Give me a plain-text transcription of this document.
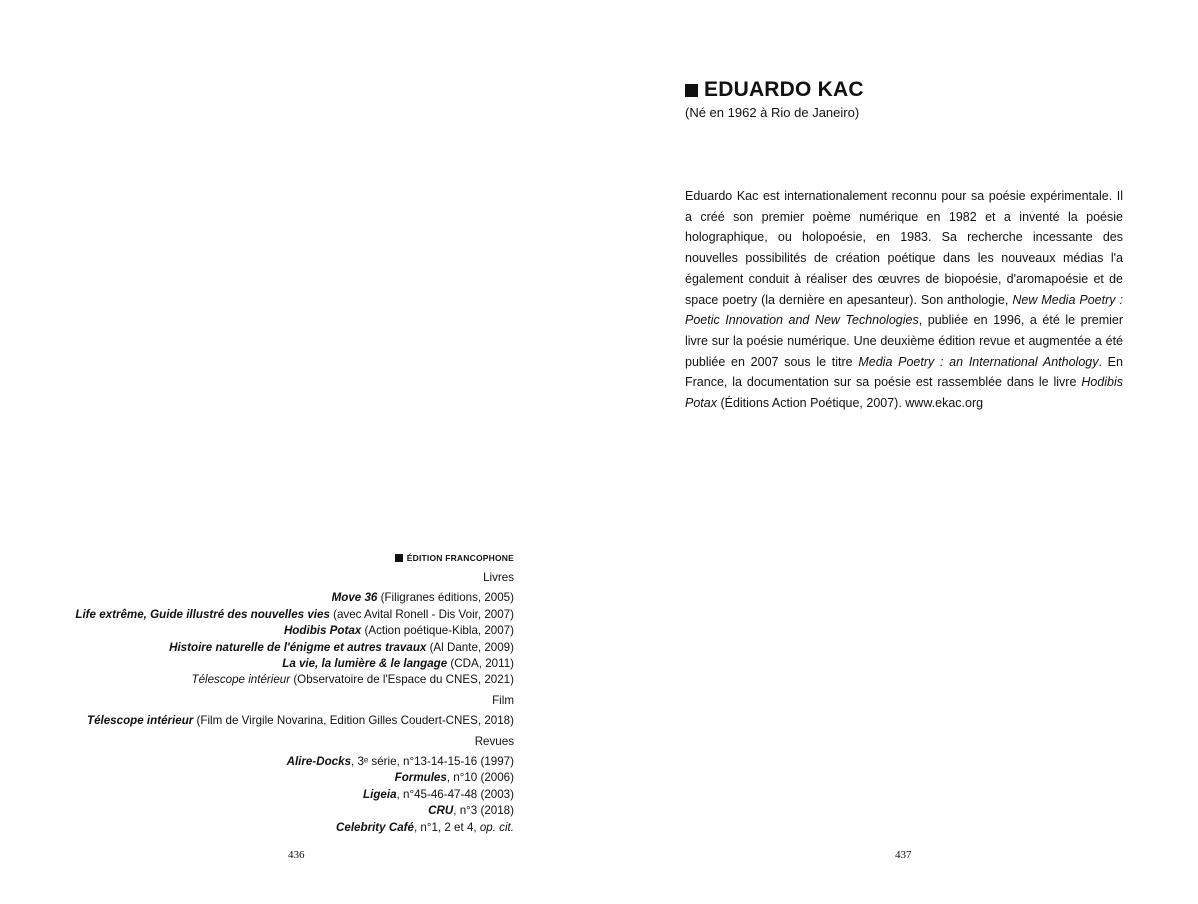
ÉDITION FRANCOPHONE
Livres
Move 36 (Filigranes éditions, 2005)
Life extrême, Guide illustré des nouvelles vies (avec Avital Ronell - Dis Voir, 2007)
Hodibis Potax (Action poétique-Kibla, 2007)
Histoire naturelle de l'énigme et autres travaux (Al Dante, 2009)
La vie, la lumière & le langage (CDA, 2011)
Télescope intérieur (Observatoire de l'Espace du CNES, 2021)
Film
Télescope intérieur (Film de Virgile Novarina, Edition Gilles Coudert-CNES, 2018)
Revues
Alire-Docks, 3ᵉ série, n°13-14-15-16 (1997)
Formules, n°10 (2006)
Ligeia, n°45-46-47-48 (2003)
CRU, n°3 (2018)
Celebrity Café, n°1, 2 et 4, op. cit.
436
EDUARDO KAC
(Né en 1962 à Rio de Janeiro)
Eduardo Kac est internationalement reconnu pour sa poésie expérimentale. Il a créé son premier poème numérique en 1982 et a inventé la poésie holographique, ou holopoésie, en 1983. Sa recherche incessante des nouvelles possibilités de création poétique dans les nouveaux médias l'a également conduit à réaliser des œuvres de biopoésie, d'aromapoésie et de space poetry (la dernière en apesanteur). Son anthologie, New Media Poetry : Poetic Innovation and New Technologies, publiée en 1996, a été le premier livre sur la poésie numérique. Une deuxième édition revue et augmentée a été publiée en 2007 sous le titre Media Poetry : an International Anthology. En France, la documentation sur sa poésie est rassemblée dans le livre Hodibis Potax (Éditions Action Poétique, 2007). www.ekac.org
437
